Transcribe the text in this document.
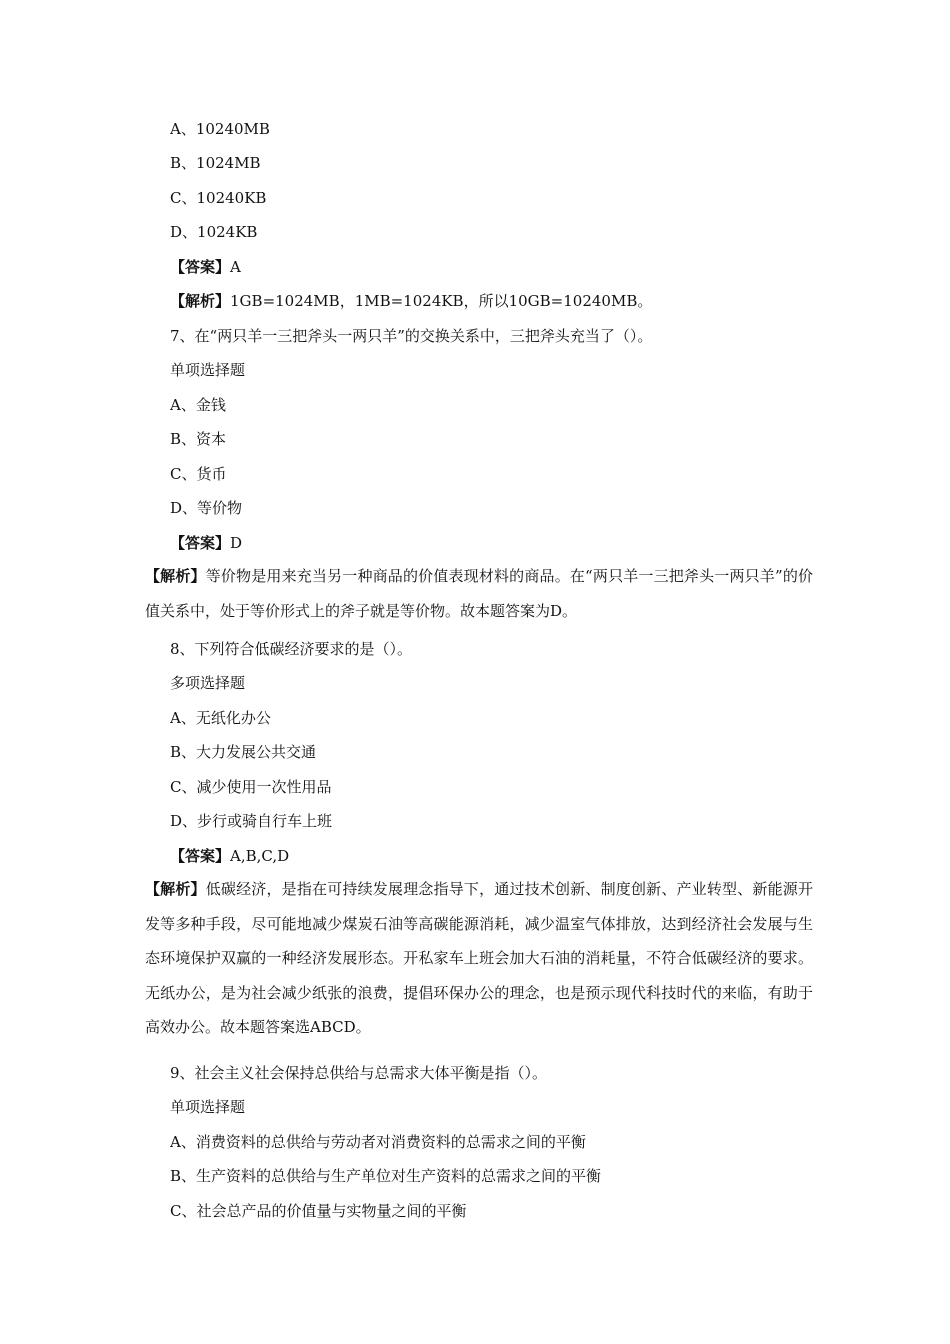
A、10240MB
B、1024MB
C、10240KB
D、1024KB
【答案】A
【解析】1GB=1024MB，1MB=1024KB，所以10GB=10240MB。
7、在“两只羊一三把斧头一两只羊”的交换关系中，三把斧头充当了（）。
单项选择题
A、金钱
B、资本
C、货币
D、等价物
【答案】D
【解析】等价物是用来充当另一种商品的价值表现材料的商品。在“两只羊一三把斧头一两只羊”的价值关系中，处于等价形式上的斧子就是等价物。故本题答案为D。
8、下列符合低碳经济要求的是（）。
多项选择题
A、无纸化办公
B、大力发展公共交通
C、减少使用一次性用品
D、步行或骑自行车上班
【答案】A,B,C,D
【解析】低碳经济，是指在可持续发展理念指导下，通过技术创新、制度创新、产业转型、新能源开发等多种手段，尽可能地减少煤炭石油等高碳能源消耗，减少温室气体排放，达到经济社会发展与生态环境保护双赢的一种经济发展形态。开私家车上班会加大石油的消耗量，不符合低碳经济的要求。无纸办公，是为社会减少纸张的浪费，提倡环保办公的理念，也是预示现代科技时代的来临，有助于高效办公。故本题答案选ABCD。
9、社会主义社会保持总供给与总需求大体平衡是指（）。
单项选择题
A、消费资料的总供给与劳动者对消费资料的总需求之间的平衡
B、生产资料的总供给与生产单位对生产资料的总需求之间的平衡
C、社会总产品的价值量与实物量之间的平衡
